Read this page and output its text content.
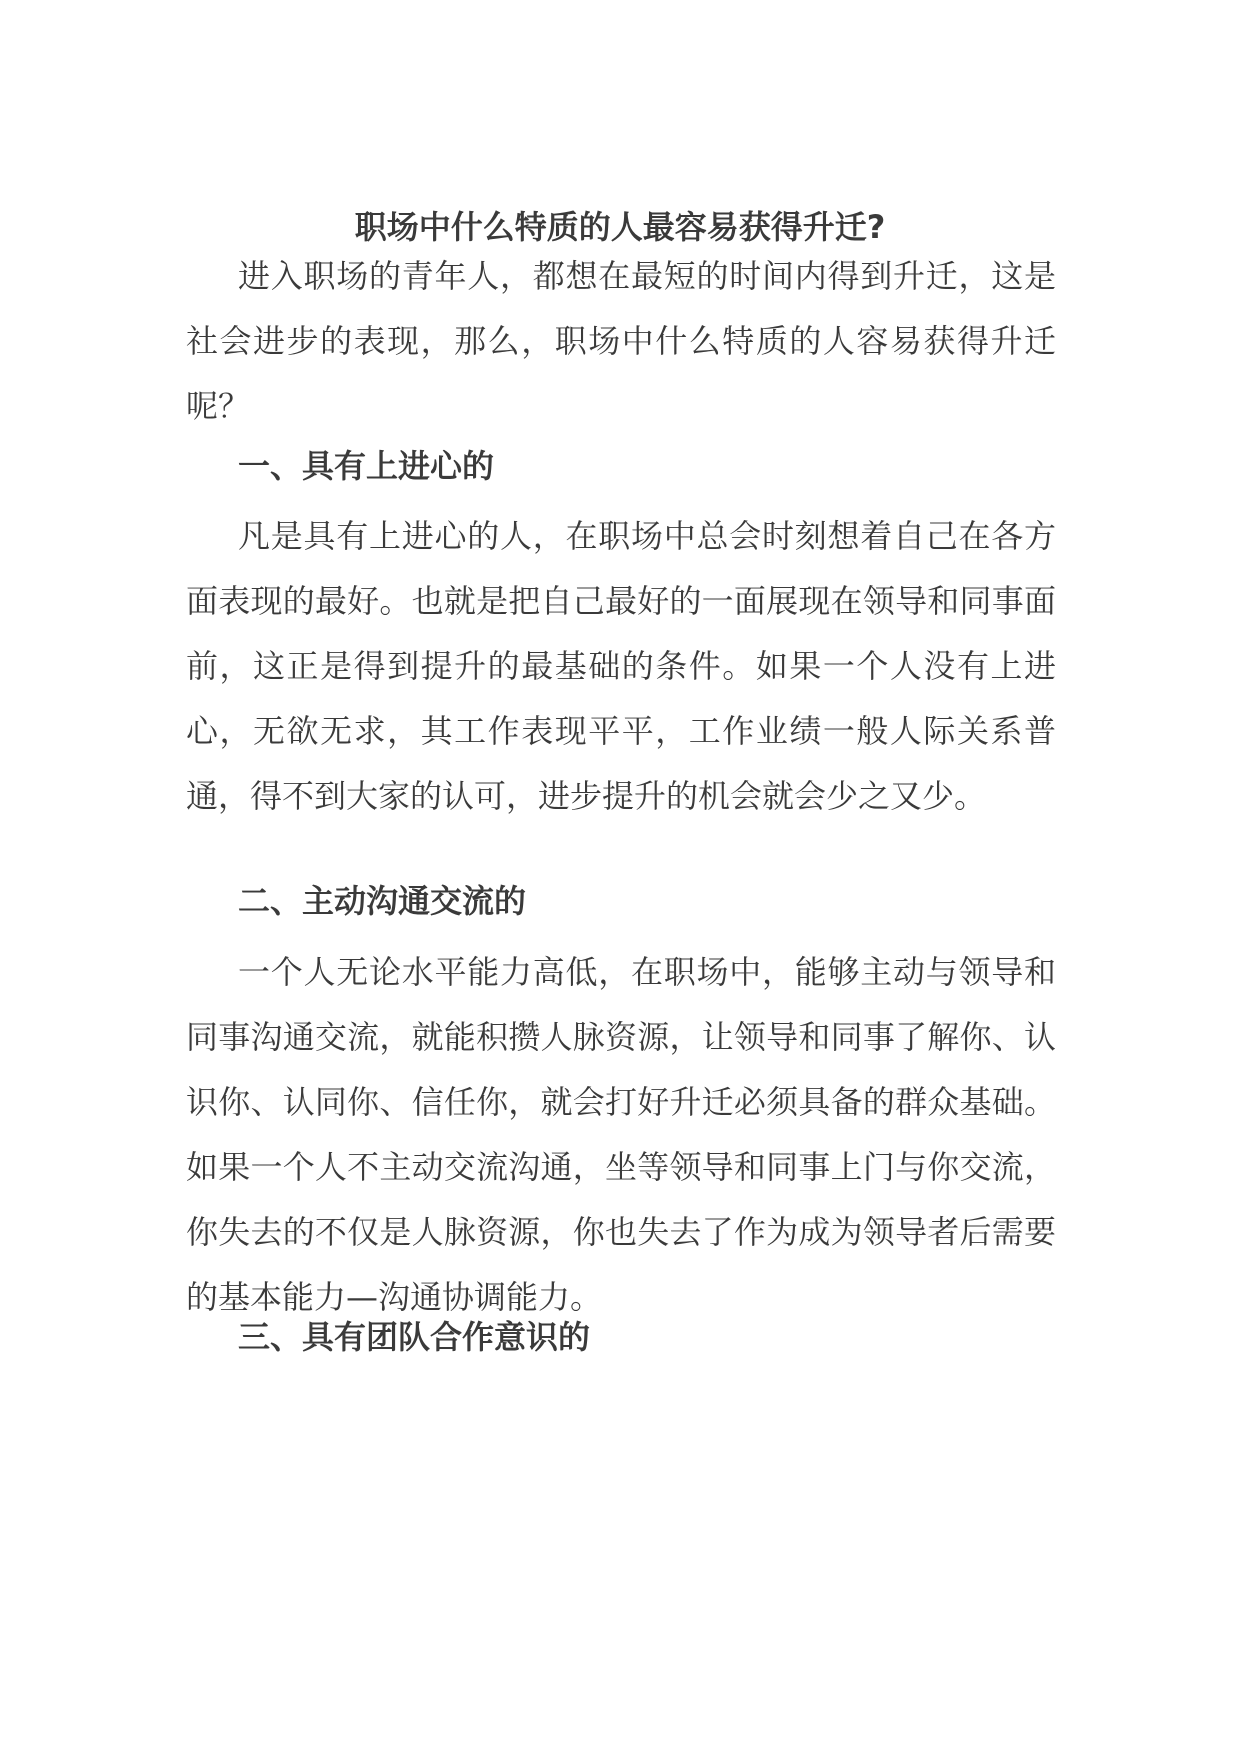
职场中什么特质的人最容易获得升迁?

进入职场的青年人，都想在最短的时间内得到升迁，这是社会进步的表现，那么，职场中什么特质的人容易获得升迁呢？

一、具有上进心的

凡是具有上进心的人，在职场中总会时刻想着自己在各方面表现的最好。也就是把自己最好的一面展现在领导和同事面前，这正是得到提升的最基础的条件。如果一个人没有上进心，无欲无求，其工作表现平平，工作业绩一般人际关系普通，得不到大家的认可，进步提升的机会就会少之又少。

二、主动沟通交流的

一个人无论水平能力高低，在职场中，能够主动与领导和同事沟通交流，就能积攒人脉资源，让领导和同事了解你、认识你、认同你、信任你，就会打好升迁必须具备的群众基础。如果一个人不主动交流沟通，坐等领导和同事上门与你交流，你失去的不仅是人脉资源，你也失去了作为成为领导者后需要的基本能力—沟通协调能力。

三、具有团队合作意识的
